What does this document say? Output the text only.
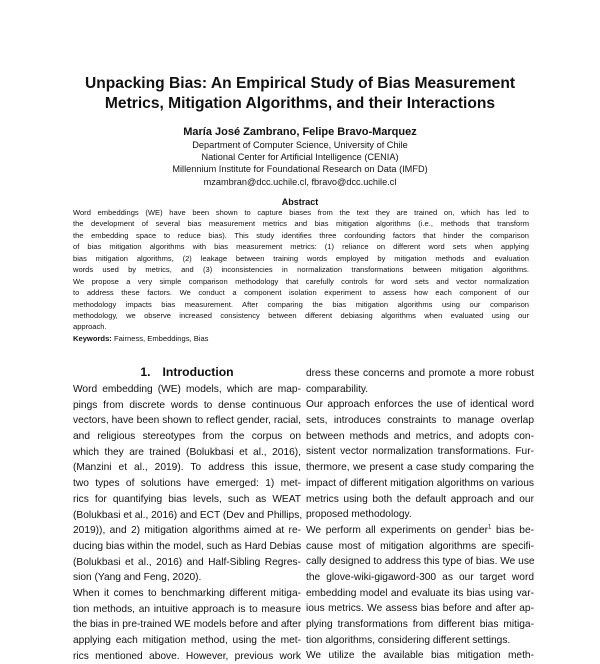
Unpacking Bias: An Empirical Study of Bias Measurement
Metrics, Mitigation Algorithms, and their Interactions
María José Zambrano, Felipe Bravo-Marquez
Department of Computer Science, University of Chile
National Center for Artificial Intelligence (CENIA)
Millennium Institute for Foundational Research on Data (IMFD)
mzambran@dcc.uchile.cl, fbravo@dcc.uchile.cl
Abstract
Word embeddings (WE) have been shown to capture biases from the text they are trained on, which has led to
the development of several bias measurement metrics and bias mitigation algorithms (i.e., methods that transform
the embedding space to reduce bias). This study identifies three confounding factors that hinder the comparison
of bias mitigation algorithms with bias measurement metrics: (1) reliance on different word sets when applying
bias mitigation algorithms, (2) leakage between training words employed by mitigation methods and evaluation
words used by metrics, and (3) inconsistencies in normalization transformations between mitigation algorithms.
We propose a very simple comparison methodology that carefully controls for word sets and vector normalization
to address these factors. We conduct a component isolation experiment to assess how each component of our
methodology impacts bias measurement. After comparing the bias mitigation algorithms using our comparison
methodology, we observe increased consistency between different debiasing algorithms when evaluated using our
approach.
Keywords: Fairness, Embeddings, Bias
1. Introduction
Word embedding (WE) models, which are map-
pings from discrete words to dense continuous
vectors, have been shown to reflect gender, racial,
and religious stereotypes from the corpus on
which they are trained (Bolukbasi et al., 2016),
(Manzini et al., 2019). To address this issue,
two types of solutions have emerged: 1) met-
rics for quantifying bias levels, such as WEAT
(Bolukbasi et al., 2016) and ECT (Dev and Phillips,
2019)), and 2) mitigation algorithms aimed at re-
ducing bias within the model, such as Hard Debias
(Bolukbasi et al., 2016) and Half-Sibling Regres-
sion (Yang and Feng, 2020).
When it comes to benchmarking different mitiga-
tion methods, an intuitive approach is to measure
the bias in pre-trained WE models before and after
applying each mitigation method, using the met-
rics mentioned above. However, previous work
dress these concerns and promote a more robust
comparability.
Our approach enforces the use of identical word
sets, introduces constraints to manage overlap
between methods and metrics, and adopts con-
sistent vector normalization transformations. Fur-
thermore, we present a case study comparing the
impact of different mitigation algorithms on various
metrics using both the default approach and our
proposed methodology.
We perform all experiments on gender$^1$ bias be-
cause most of mitigation algorithms are specifi-
cally designed to address this type of bias. We use
the glove-wiki-gigaword-300 as our target word
embedding model and evaluate its bias using var-
ious metrics. We assess bias before and after ap-
plying transformations from different bias mitiga-
tion algorithms, considering different settings.
We utilize the available bias mitigation meth-
